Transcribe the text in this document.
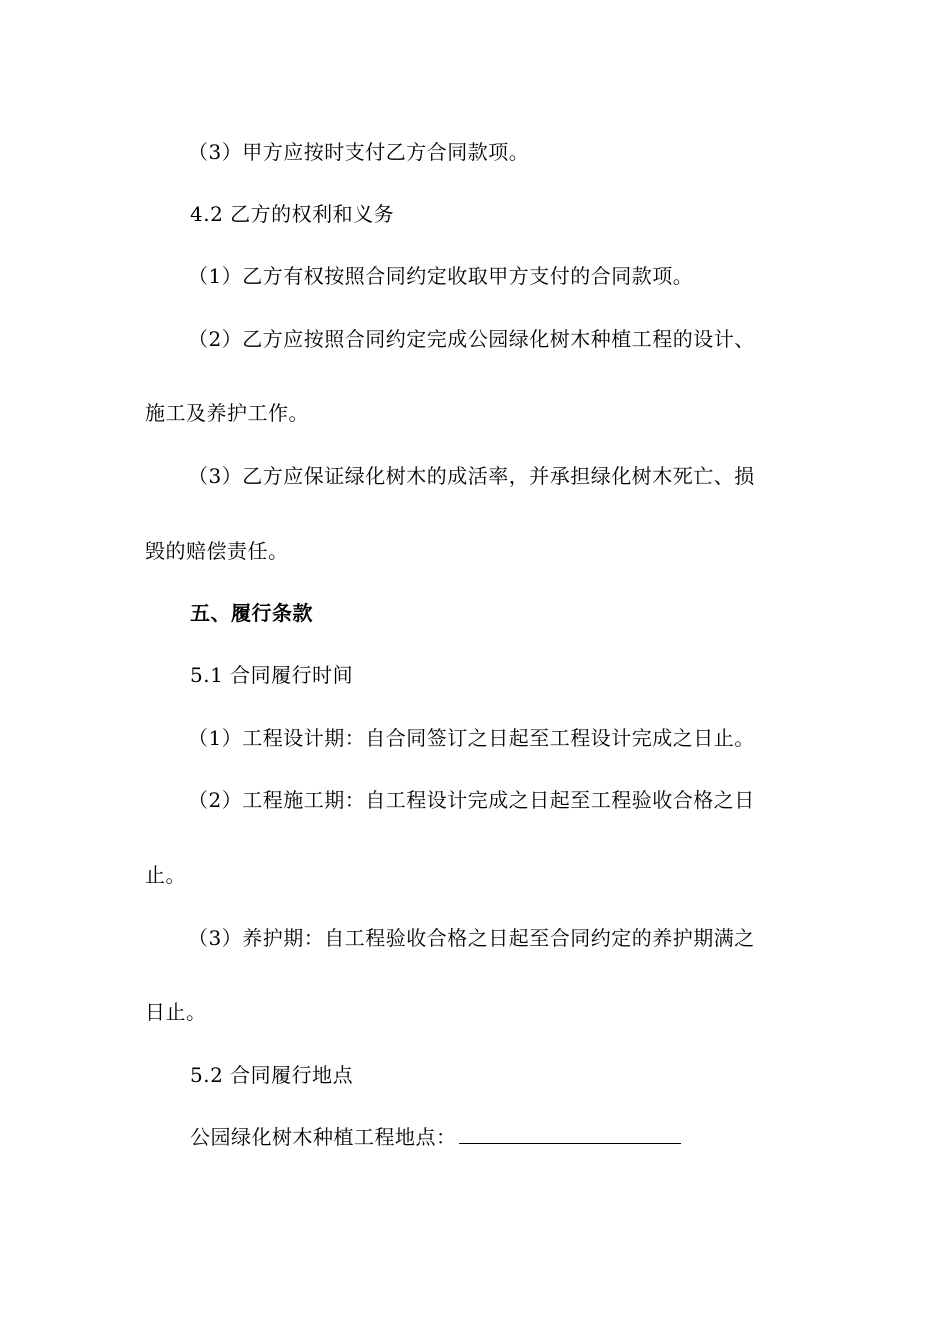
（3）甲方应按时支付乙方合同款项。
4.2 乙方的权利和义务
（1）乙方有权按照合同约定收取甲方支付的合同款项。
（2）乙方应按照合同约定完成公园绿化树木种植工程的设计、
施工及养护工作。
（3）乙方应保证绿化树木的成活率，并承担绿化树木死亡、损
毁的赔偿责任。
五、履行条款
5.1 合同履行时间
（1）工程设计期：自合同签订之日起至工程设计完成之日止。
（2）工程施工期：自工程设计完成之日起至工程验收合格之日
止。
（3）养护期：自工程验收合格之日起至合同约定的养护期满之
日止。
5.2 合同履行地点
公园绿化树木种植工程地点：
